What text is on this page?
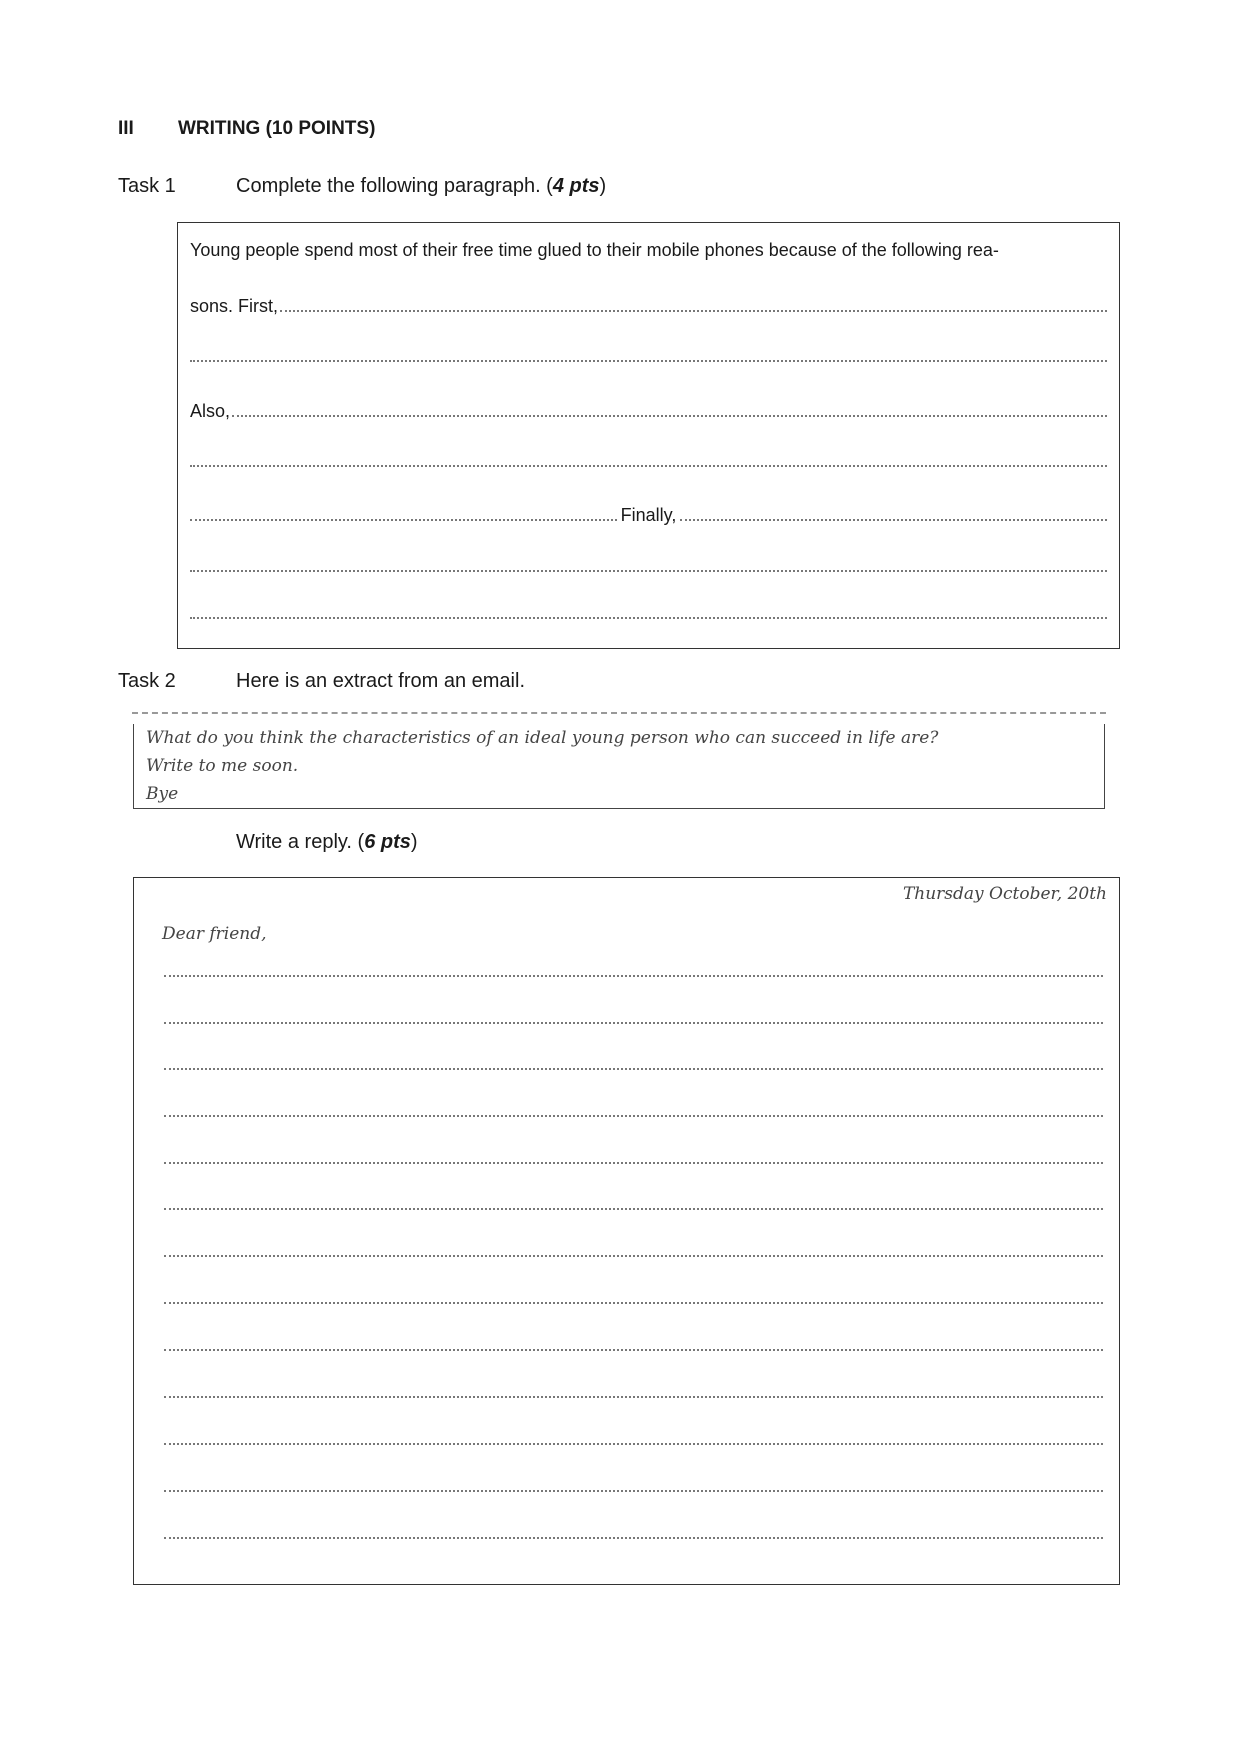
III WRITING (10 POINTS)
Task 1	Complete the following paragraph. (4 pts)
Young people spend most of their free time glued to their mobile phones because of the following rea-
sons. First,
Also,
Finally,
Task 2	Here is an extract from an email.
What do you think the characteristics of an ideal young person who can succeed in life are?
Write to me soon.
Bye
Write a reply. (6 pts)
Thursday October, 20th
Dear friend,
